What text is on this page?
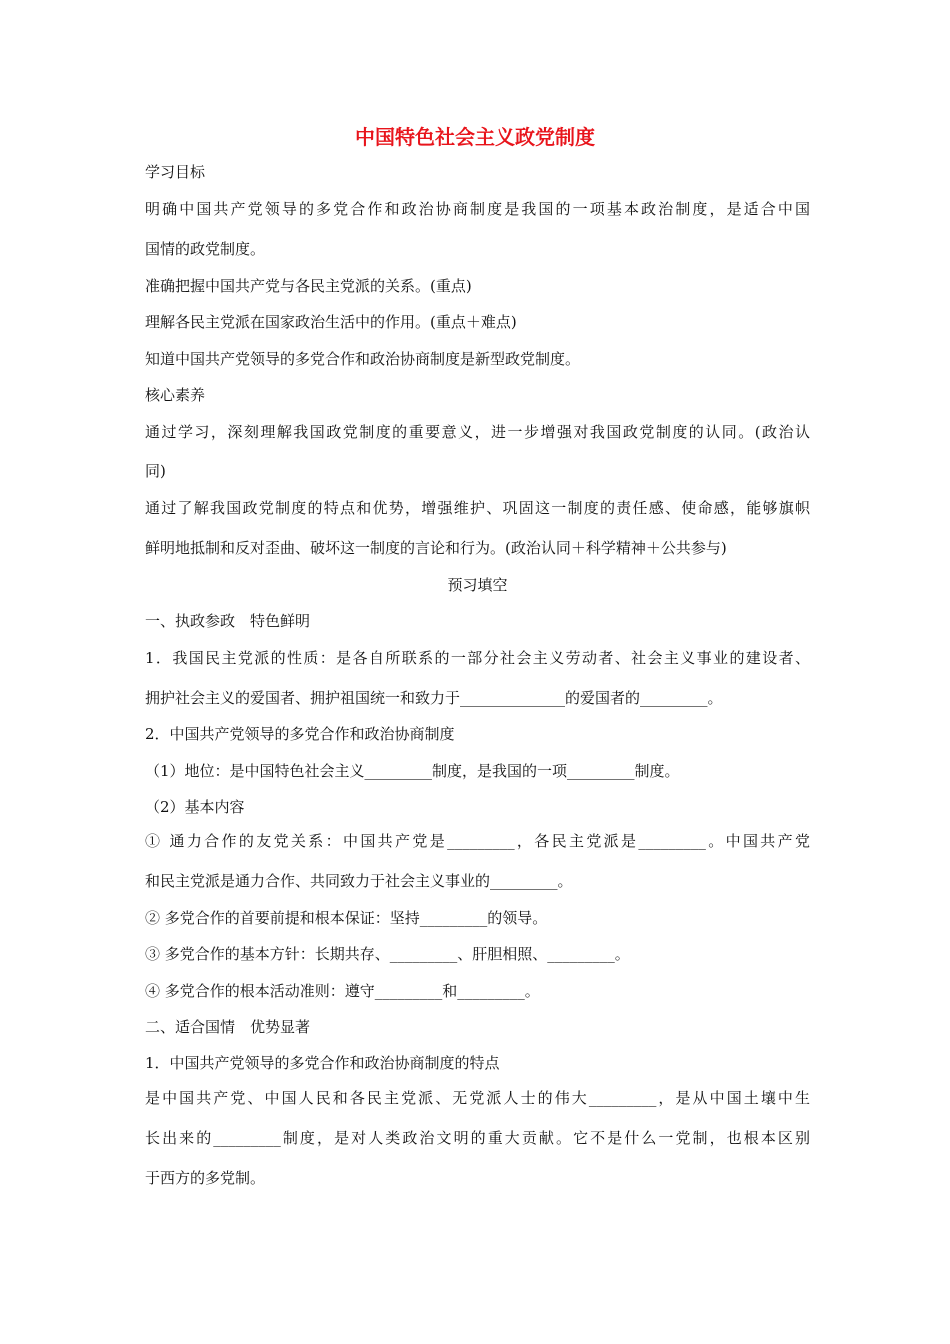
中国特色社会主义政党制度
学习目标
明确中国共产党领导的多党合作和政治协商制度是我国的一项基本政治制度，是适合中国
国情的政党制度。
准确把握中国共产党与各民主党派的关系。(重点)
理解各民主党派在国家政治生活中的作用。(重点＋难点)
知道中国共产党领导的多党合作和政治协商制度是新型政党制度。
核心素养
通过学习，深刻理解我国政党制度的重要意义，进一步增强对我国政党制度的认同。(政治认
同)
通过了解我国政党制度的特点和优势，增强维护、巩固这一制度的责任感、使命感，能够旗帜
鲜明地抵制和反对歪曲、破坏这一制度的言论和行为。(政治认同＋科学精神＋公共参与)
预习填空
一、执政参政　特色鲜明
1．我国民主党派的性质：是各自所联系的一部分社会主义劳动者、社会主义事业的建设者、
拥护社会主义的爱国者、拥护祖国统一和致力于______________的爱国者的_________。
2．中国共产党领导的多党合作和政治协商制度
（1）地位：是中国特色社会主义_________制度，是我国的一项_________制度。
（2）基本内容
① 通力合作的友党关系：中国共产党是_________，各民主党派是_________。中国共产党
和民主党派是通力合作、共同致力于社会主义事业的_________。
② 多党合作的首要前提和根本保证：坚持_________的领导。
③ 多党合作的基本方针：长期共存、_________、肝胆相照、_________。
④ 多党合作的根本活动准则：遵守_________和_________。
二、适合国情　优势显著
1．中国共产党领导的多党合作和政治协商制度的特点
是中国共产党、中国人民和各民主党派、无党派人士的伟大_________，是从中国土壤中生
长出来的_________制度，是对人类政治文明的重大贡献。它不是什么一党制，也根本区别
于西方的多党制。
